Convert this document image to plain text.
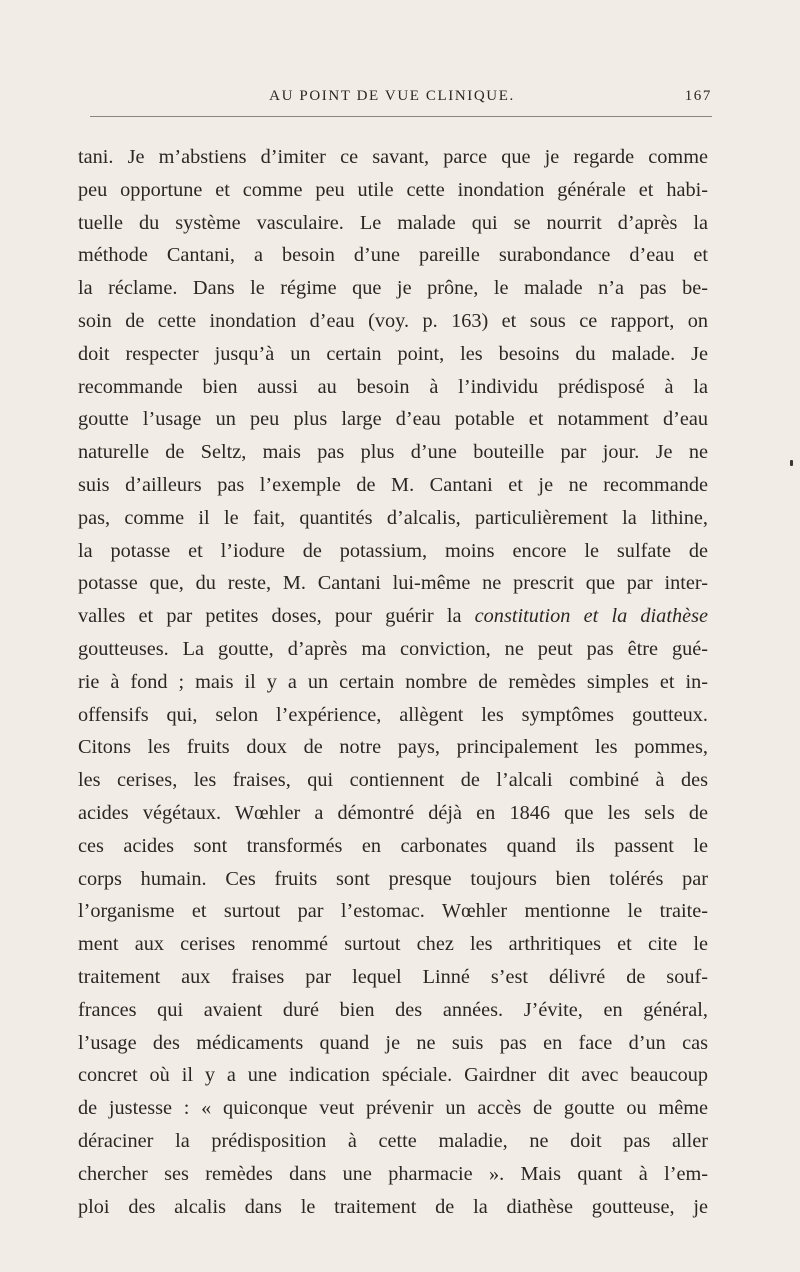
AU POINT DE VUE CLINIQUE.	167
tani. Je m’abstiens d’imiter ce savant, parce que je regarde comme
peu opportune et comme peu utile cette inondation générale et habi-
tuelle du système vasculaire. Le malade qui se nourrit d’après la
méthode Cantani, a besoin d’une pareille surabondance d’eau et
la réclame. Dans le régime que je prône, le malade n’a pas be-
soin de cette inondation d’eau (voy. p. 163) et sous ce rapport, on
doit respecter jusqu’à un certain point, les besoins du malade. Je
recommande bien aussi au besoin à l’individu prédisposé à la
goutte l’usage un peu plus large d’eau potable et notamment d’eau
naturelle de Seltz, mais pas plus d’une bouteille par jour. Je ne
suis d’ailleurs pas l’exemple de M. Cantani et je ne recommande
pas, comme il le fait, quantités d’alcalis, particulièrement la lithine,
la potasse et l’iodure de potassium, moins encore le sulfate de
potasse que, du reste, M. Cantani lui-même ne prescrit que par inter-
valles et par petites doses, pour guérir la constitution et la diathèse
goutteuses. La goutte, d’après ma conviction, ne peut pas être gué-
rie à fond ; mais il y a un certain nombre de remèdes simples et in-
offensifs qui, selon l’expérience, allègent les symptômes goutteux.
Citons les fruits doux de notre pays, principalement les pommes,
les cerises, les fraises, qui contiennent de l’alcali combiné à des
acides végétaux. Wœhler a démontré déjà en 1846 que les sels de
ces acides sont transformés en carbonates quand ils passent le
corps humain. Ces fruits sont presque toujours bien tolérés par
l’organisme et surtout par l’estomac. Wœhler mentionne le traite-
ment aux cerises renommé surtout chez les arthritiques et cite le
traitement aux fraises par lequel Linné s’est délivré de souf-
frances qui avaient duré bien des années. J’évite, en général,
l’usage des médicaments quand je ne suis pas en face d’un cas
concret où il y a une indication spéciale. Gairdner dit avec beaucoup
de justesse : « quiconque veut prévenir un accès de goutte ou même
déraciner la prédisposition à cette maladie, ne doit pas aller
chercher ses remèdes dans une pharmacie ». Mais quant à l’em-
ploi des alcalis dans le traitement de la diathèse goutteuse, je
